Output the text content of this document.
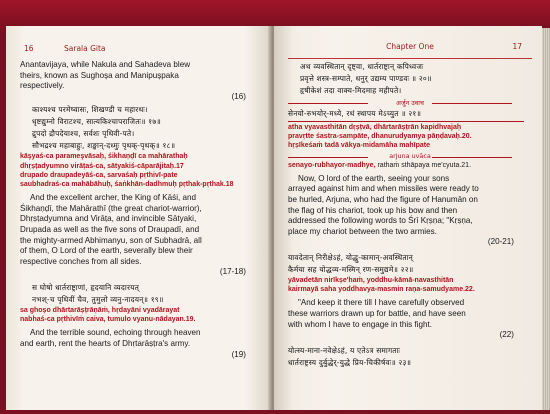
16	Sarala Gita

Anantavijaya, while Nakula and Sahadeva blew

theirs, known as Sughoșa and Manipușpaka

respectively.

(16)

काश्यश्च परमेष्वासः, शिखण्डी च महारथः।

धृष्टद्युम्नो विराटश्च, सात्यकिश्चापराजितः॥ १७॥

द्रुपदो द्रौपदेयाश्च, सर्वशः पृथिवी-पते।

सौभद्रश्च महाबाहुः, शङ्खान्-दध्मुः पृथक्-पृथक्॥ १८॥

kāşyaś-ca parameşvāsaḥ, śikhaṇḍī ca mahārathaḥ

dhṛṣṭadyumno virāṭaś-ca, sātyakiś-cāparājitaḥ.17

drupado draupadeyāś-ca, sarvaśaḥ pṛthivī-pate

saubhadraś-ca mahābāhuḥ, śaṅkhān-dadhmuḥ pṛthak-pṛthak.18

And the excellent archer, the King of Kāśi, and

Śikhaṇḍī, the Mahārathī (the great chariot-warrior),

Dhṛṣṭadyumna and Virāṭa, and invincible Sātyaki,

Drupada as well as the five sons of Draupadī, and

the mighty-armed Abhimanyu, son of Subhadrā, all

of them, O Lord of the earth, severally blew their

respective conches from all sides.

(17-18)

स घोषो धार्तराष्ट्राणां, हृदयानि व्यदारयत्

नभश्-च पृथिवीं चैव, तुमुलो व्यनु-नादयन्॥ १९॥

sa ghoșo dhārtarāṣṭrāṇāṁ, hṛdayāni vyadārayat

nabhaś-ca pṛthivīṁ caiva, tumulo vyanu-nādayan.19.

And the terrible sound, echoing through heaven

and earth, rent the hearts of Dhṛtarāṣṭra's army.

(19)

Chapter One	17

अथ व्यवस्थितान् दृष्ट्वा, धार्तराष्ट्रान् कपिध्वजः

प्रवृत्ते शस्त्र-सम्पाते, धनुर् उद्यम्य पाण्डवः ॥ २०॥

हृषीकेशं तदा वाक्य-मिदमाह महीपते।

अर्जुन उवाच
सेनयो-रुभयोर्-मध्ये, रथं स्थापय मेऽच्युत ॥ २१॥

atha vyavasthitān dṛṣṭvā, dhārtarāṣṭrān kapidhvajaḥ

pravṛtte śastra-sampāte, dhanurudyamya pāṇḍavaḥ.20.

hṛṣīkeśaṁ tadā vākya-midamāha mahīpate

arjuna uvāca

senayo-rubhayor-madhye, rathaṁ sthāpaya me'cyuta.21.

Now, O lord of the earth, seeing your sons

arrayed against him and when missiles were ready to

be hurled, Arjuna, who had the figure of Hanumān on

the flag of his chariot, took up his bow and then

addressed the following words to Śrī Kṛṣṇa; "Kṛṣṇa,

place my chariot between the two armies.

(20-21)

यावदेतान् निरीक्षेऽहं, योद्धु-कामान्-अवस्थितान्

कैर्मया सह योद्धव्य-मस्मिन् रण-समुद्यमे॥ २२॥

yāvadetān nirīkṣe'haṁ, yoddhu-kāmā-navasthitān

kairmayā saha yoddhavya-masmin raṇa-samudyame.22.

"And keep it there till I have carefully observed

these warriors drawn up for battle, and have seen

with whom I have to engage in this fight.

(22)

योत्स्य-माना-नवेक्षेऽहं, य एतेऽत्र समागताः

धार्तराष्ट्रस्य दुर्बुद्धेर्-युद्धे प्रिय-चिकीर्षवः॥ २३॥
